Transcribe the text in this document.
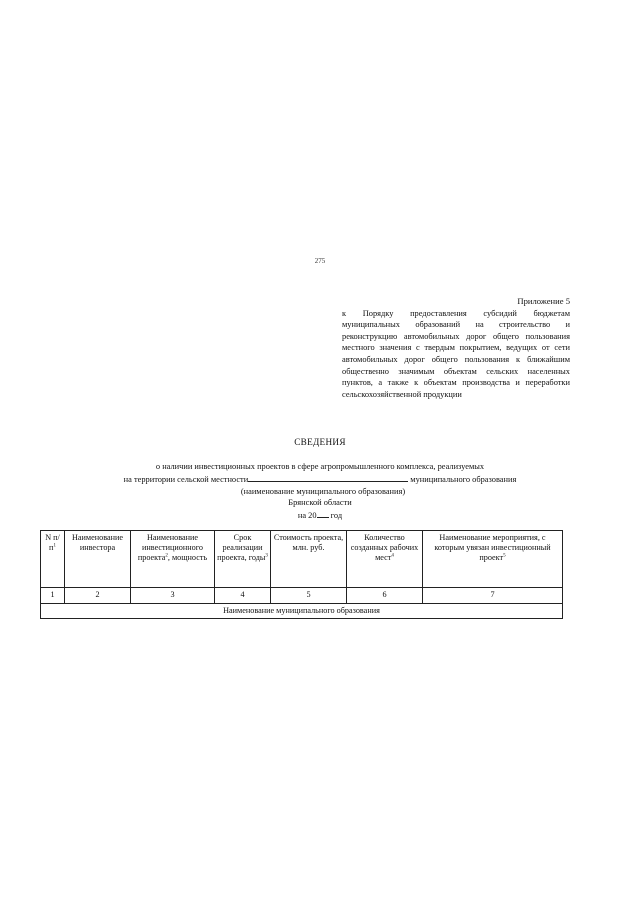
275
Приложение 5
к Порядку предоставления субсидий бюджетам муниципальных образований на строительство и реконструкцию автомобильных дорог общего пользования местного значения с твердым покрытием, ведущих от сети автомобильных дорог общего пользования к ближайшим общественно значимым объектам сельских населенных пунктов, а также к объектам производства и переработки сельскохозяйственной продукции
СВЕДЕНИЯ
о наличии инвестиционных проектов в сфере агропромышленного комплекса, реализуемых
на территории сельской местности	муниципального образования
(наименование муниципального образования)
Брянской области
на 20 год
N $п/п^1$	Наименование инвестора	Наименование инвестиционного проекта$^2$, мощность	Срок реализации проекта, годы$^3$	Стоимость проекта, млн. руб.	Количество созданных рабочих мест$^4$	Наименование мероприятия, с которым увязан инвестиционный проект$^5$
1	2	3	4	5	6	7
Наименование муниципального образования						
